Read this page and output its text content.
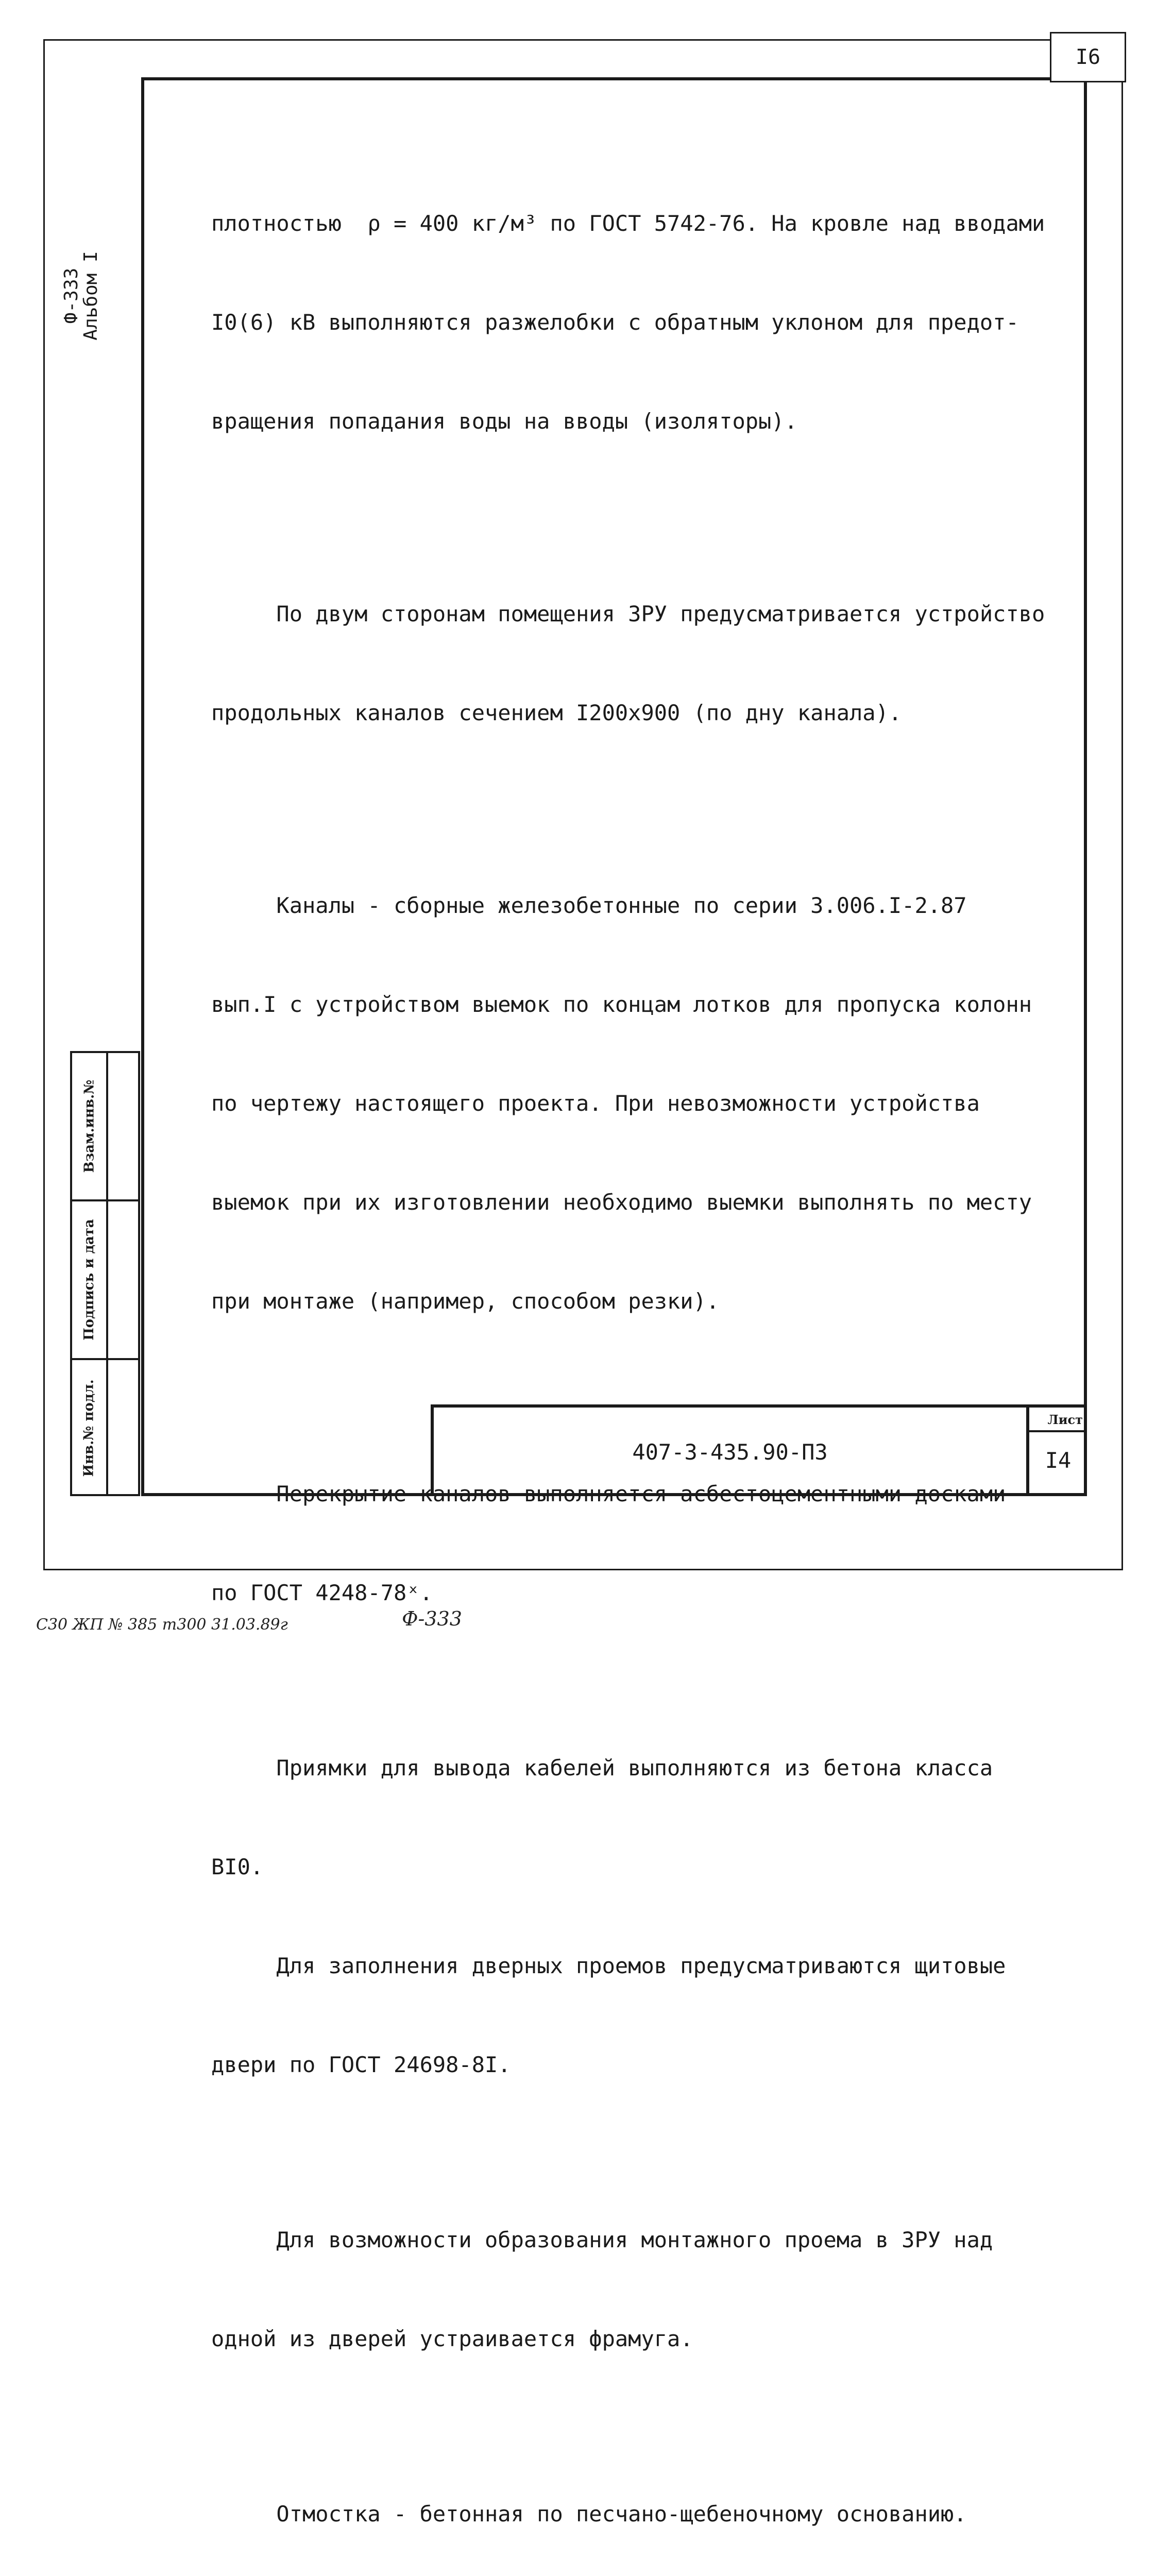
I6
Ф-333
Альбом I
Взам.инв.№
Подпись и дата
Инв.№ подл.

плотностью  ρ = 400 кг/м³ по ГОСТ 5742-76. На кровле над вводами

I0(6) кВ выполняются разжелобки с обратным уклоном для предот-

вращения попадания воды на вводы (изоляторы).

По двум сторонам помещения ЗРУ предусматривается устройство

продольных каналов сечением I200х900 (по дну канала).

Каналы - сборные железобетонные по серии 3.006.I-2.87

вып.I с устройством выемок по концам лотков для пропуска колонн

по чертежу настоящего проекта. При невозможности устройства

выемок при их изготовлении необходимо выемки выполнять по месту

при монтаже (например, способом резки).

Перекрытие каналов выполняется асбестоцементными досками

по ГОСТ 4248-78ˣ.

Приямки для вывода кабелей выполняются из бетона класса

BI0.

Для заполнения дверных проемов предусматриваются щитовые

двери по ГОСТ 24698-8I.

Для возможности образования монтажного проема в ЗРУ над

одной из дверей устраивается фрамуга.

Отмостка - бетонная по песчано-щебеночному основанию.

407-3-435.90-ПЗ
Лист
I4
С30 ЖП № 385 т300 31.03.89г	Ф-333
